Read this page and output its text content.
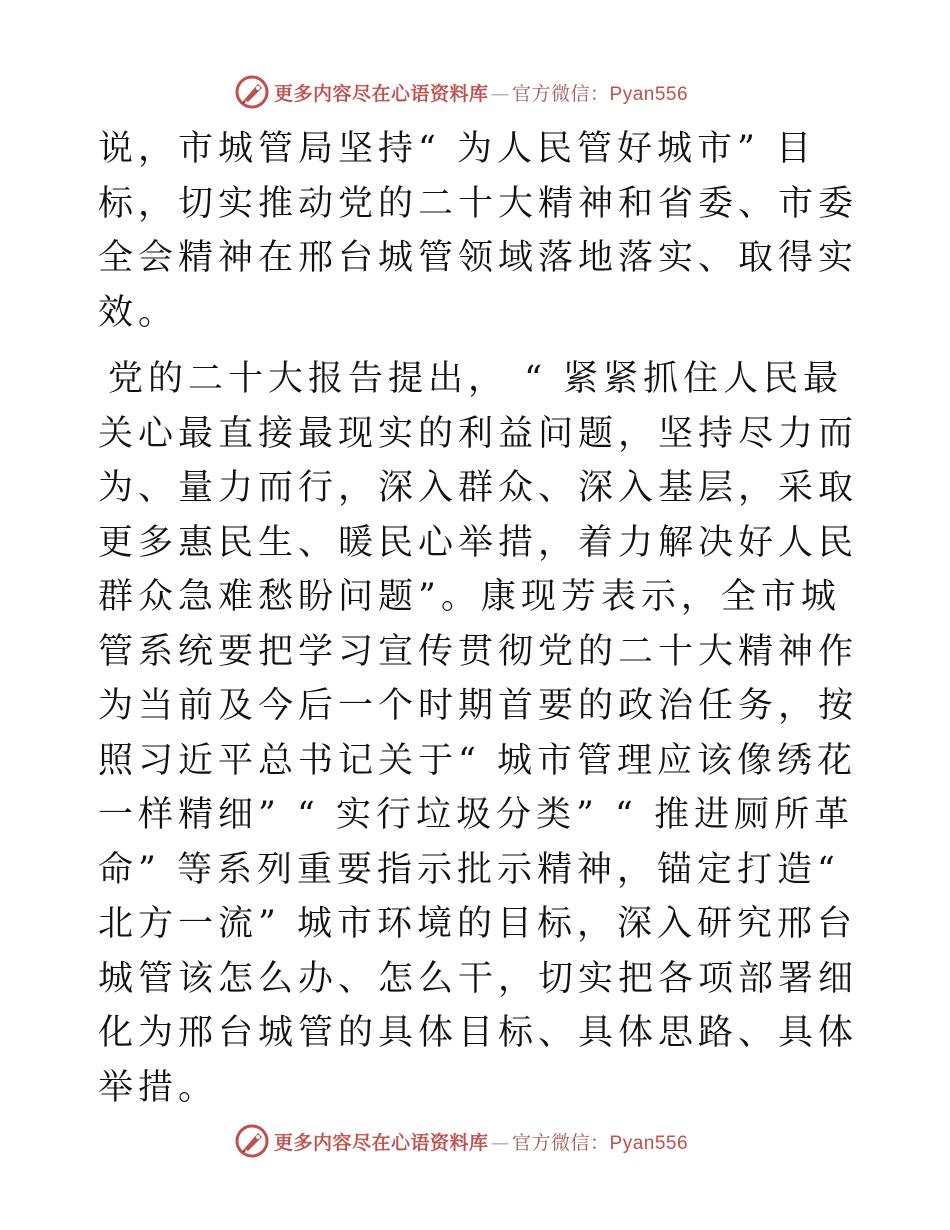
更多内容尽在心语资料库 — 官方微信：Pyan556

说，市城管局坚持“ 为人民管好城市” 目标，切实推动党的二十大精神和省委、市委全会精神在邢台城管领域落地落实、取得实效。

党的二十大报告提出， “ 紧紧抓住人民最关心最直接最现实的利益问题，坚持尽力而为、量力而行，深入群众、深入基层，采取更多惠民生、暖民心举措，着力解决好人民群众急难愁盼问题”。康现芳表示，全市城管系统要把学习宣传贯彻党的二十大精神作为当前及今后一个时期首要的政治任务，按照习近平总书记关于“ 城市管理应该像绣花一样精细” “ 实行垃圾分类” “ 推进厕所革命” 等系列重要指示批示精神，锚定打造“ 北方一流” 城市环境的目标，深入研究邢台城管该怎么办、怎么干，切实把各项部署细化为邢台城管的具体目标、具体思路、具体举措。

更多内容尽在心语资料库 — 官方微信：Pyan556
